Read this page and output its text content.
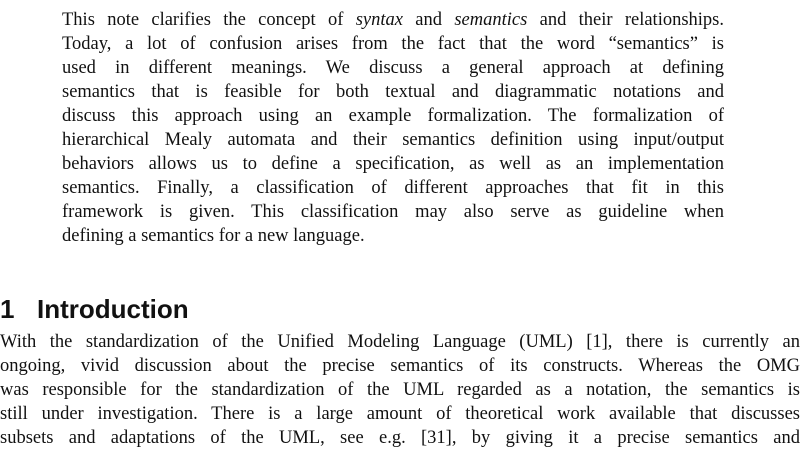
This note clarifies the concept of syntax and semantics and their relationships.
Today, a lot of confusion arises from the fact that the word “semantics” is
used in different meanings. We discuss a general approach at defining
semantics that is feasible for both textual and diagrammatic notations and
discuss this approach using an example formalization. The formalization of
hierarchical Mealy automata and their semantics definition using input/output
behaviors allows us to define a specification, as well as an implementation
semantics. Finally, a classification of different approaches that fit in this
framework is given. This classification may also serve as guideline when
defining a semantics for a new language.
1 Introduction
With the standardization of the Unified Modeling Language (UML) [1], there is currently an
ongoing, vivid discussion about the precise semantics of its constructs. Whereas the OMG
was responsible for the standardization of the UML regarded as a notation, the semantics is
still under investigation. There is a large amount of theoretical work available that discusses
subsets and adaptations of the UML, see e.g. [31], by giving it a precise semantics and
